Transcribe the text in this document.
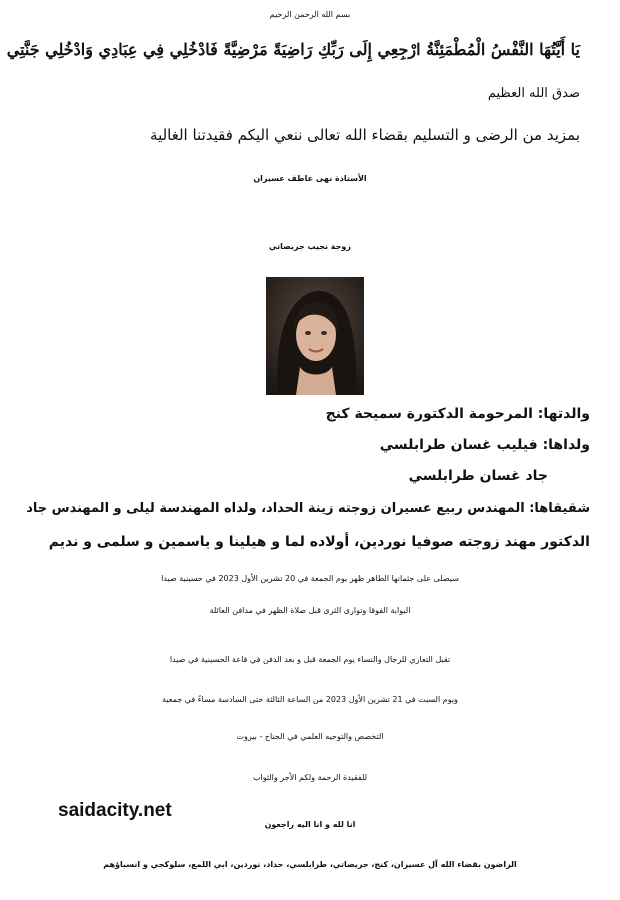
بسم الله الرحمن الرحيم
يَا أَيَّتُهَا النَّفْسُ الْمُطْمَئِنَّةُ ارْجِعِي إِلَى رَبِّكِ رَاضِيَةً مَرْضِيَّةً فَادْخُلِي فِي عِبَادِي وَادْخُلِي جَنَّتِي
صدق الله العظيم
بمزيد من الرضى و التسليم بقضاء الله تعالى ننعي اليكم فقيدتنا الغالية
الأستاذة نهى عاطف عسيران
زوجة نجيب جريصاتي
والدتها: المرحومة الدكتورة سميحة كنج
ولداها: فيليب غسان طرابلسي
جاد غسان طرابلسي
شقيقاها: المهندس ربيع عسيران زوجته زينة الحداد، ولداه المهندسة ليلى و المهندس جاد
الدكتور مهند زوجته صوفيا نوردين، أولاده لما و هيلينا و ياسمين و سلمى و نديم
سيصلى على جثمانها الطاهر ظهر يوم الجمعة في 20 تشرين الأول 2023 في حسينية صيدا
البوابة الفوقا وتوارى الثرى قبل صلاة الظهر في مدافن العائلة
تقبل التعازي للرجال والنساء يوم الجمعة قبل و بعد الدفن في قاعة الحسينية في صيدا
ويوم السبت في 21 تشرين الأول 2023 من الساعة الثالثة حتى السادسة مساءً في جمعية
التخصص والتوجيه العلمي في الجناح - بيروت
للفقيدة الرحمة ولكم الأجر والثواب
انا لله و انا اليه راجعون
الراضون بقضاء الله آل عسيران، كنج، جريصاتي، طرابلسي، حداد، نوردين، ابي اللمع، سلوكجي و انسباؤهم
saidacity.net
